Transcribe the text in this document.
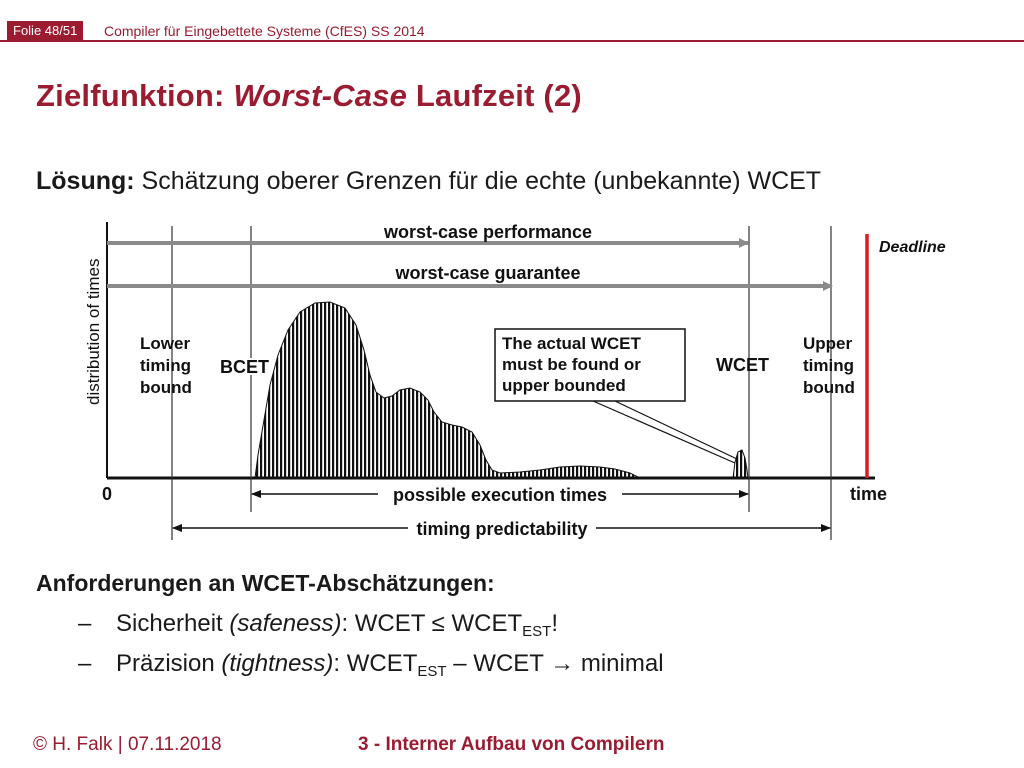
Folie 48/51	Compiler für Eingebettete Systeme (CfES) SS 2014
Zielfunktion: Worst-Case Laufzeit (2)
Lösung: Schätzung oberer Grenzen für die echte (unbekannte) WCET
distribution of times
Deadline
worst-case performance
worst-case guarantee
Lower timing bound
BCET
The actual WCET must be found or upper bounded
WCET
Upper timing bound
0	time
possible execution times
timing predictability
Anforderungen an WCET-Abschätzungen:
– Sicherheit (safeness): WCET ≤ $WCET_{EST}$!
– Präzision (tightness): $WCET_{EST}$ – WCET → minimal
© H. Falk | 07.11.2018	3 - Interner Aufbau von Compilern
